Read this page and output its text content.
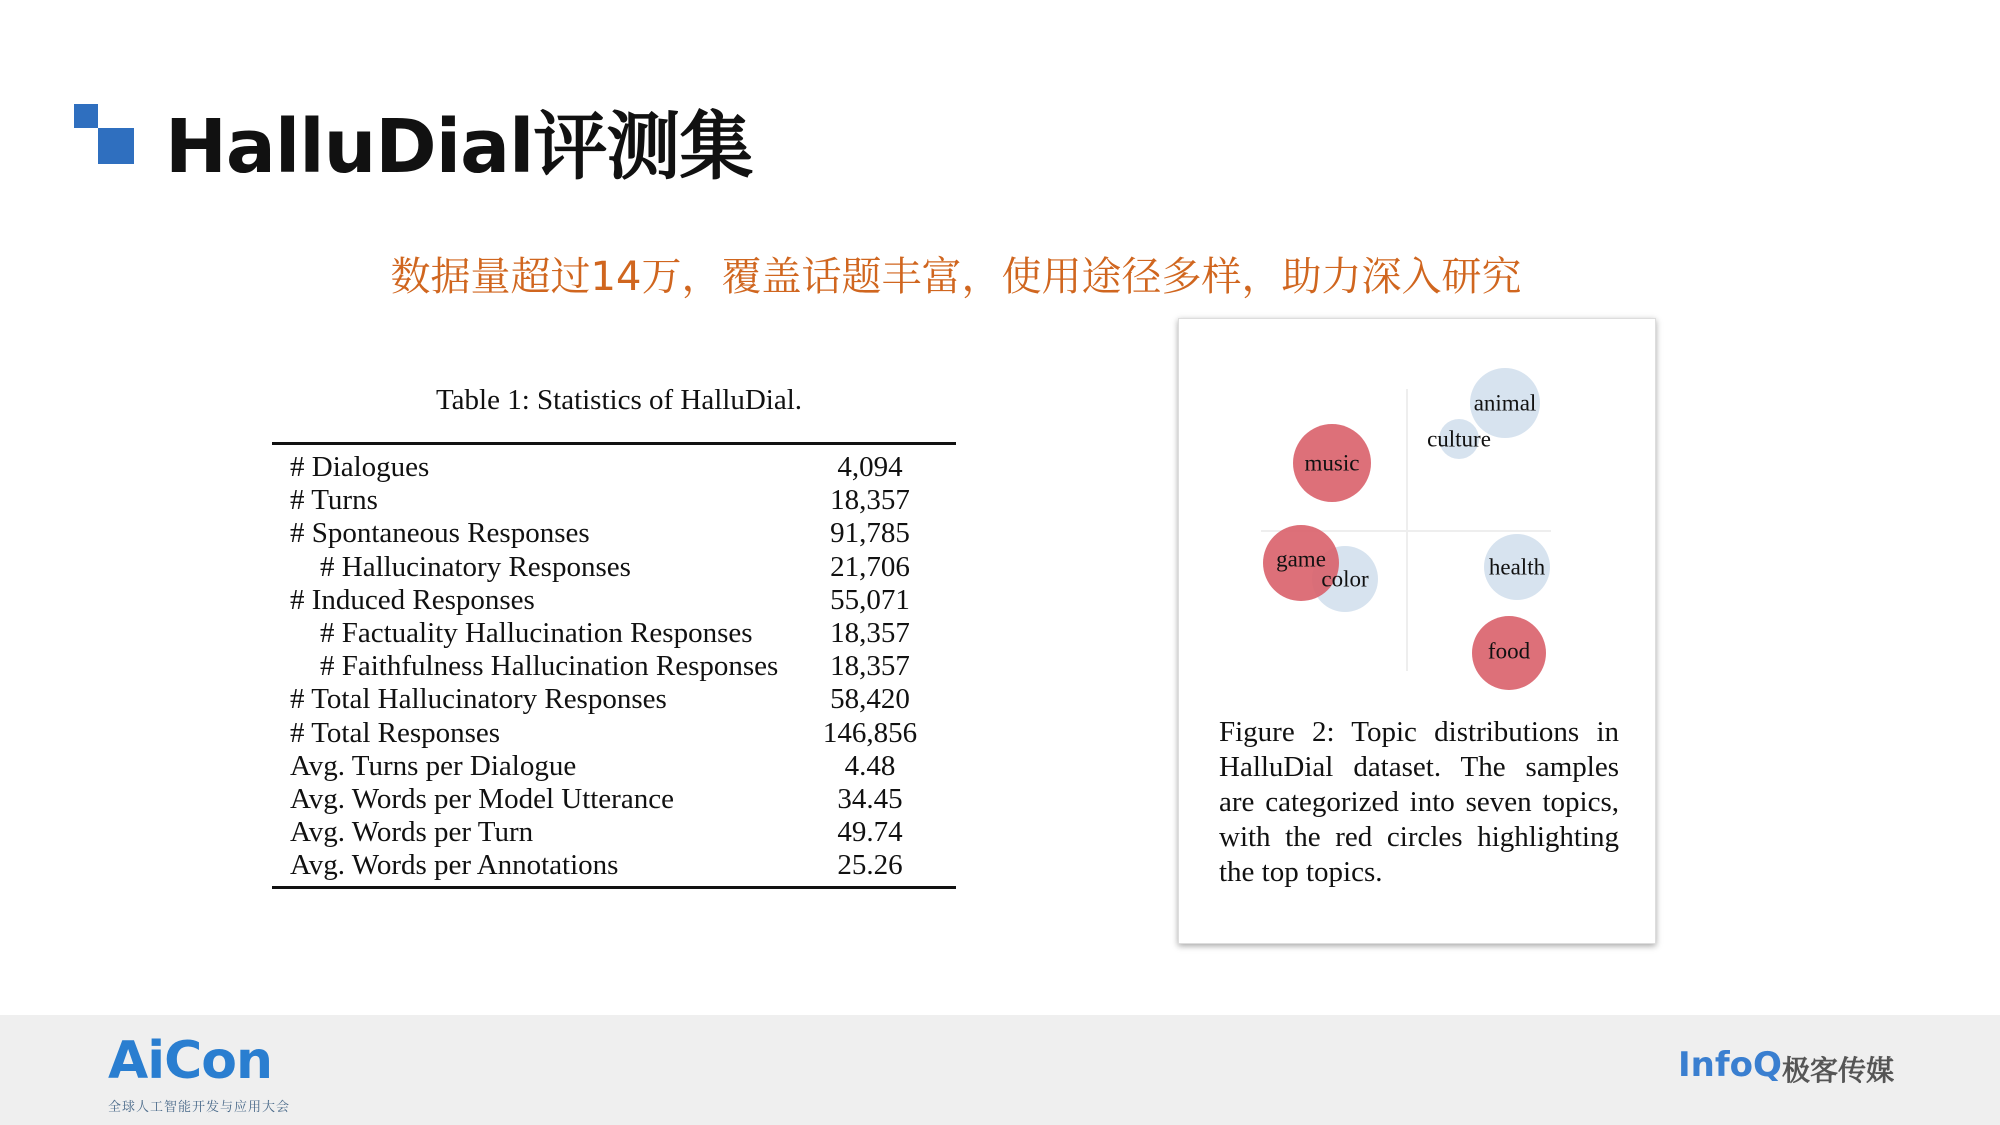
HalluDial评测集
数据量超过14万，覆盖话题丰富，使用途径多样，助力深入研究
Table 1: Statistics of HalluDial.
# Dialogues	4,094
# Turns	18,357
# Spontaneous Responses	91,785
# Hallucinatory Responses	21,706
# Induced Responses	55,071
# Factuality Hallucination Responses	18,357
# Faithfulness Hallucination Responses	18,357
# Total Hallucinatory Responses	58,420
# Total Responses	146,856
Avg. Turns per Dialogue	4.48
Avg. Words per Model Utterance	34.45
Avg. Words per Turn	49.74
Avg. Words per Annotations	25.26
animal
culture
music
color
game	health
food
Figure 2: Topic distributions in HalluDial dataset. The samples are categorized into seven topics, with the red circles highlighting the top topics.
AiCon
全球人工智能开发与应用大会
InfoQ 极客传媒
